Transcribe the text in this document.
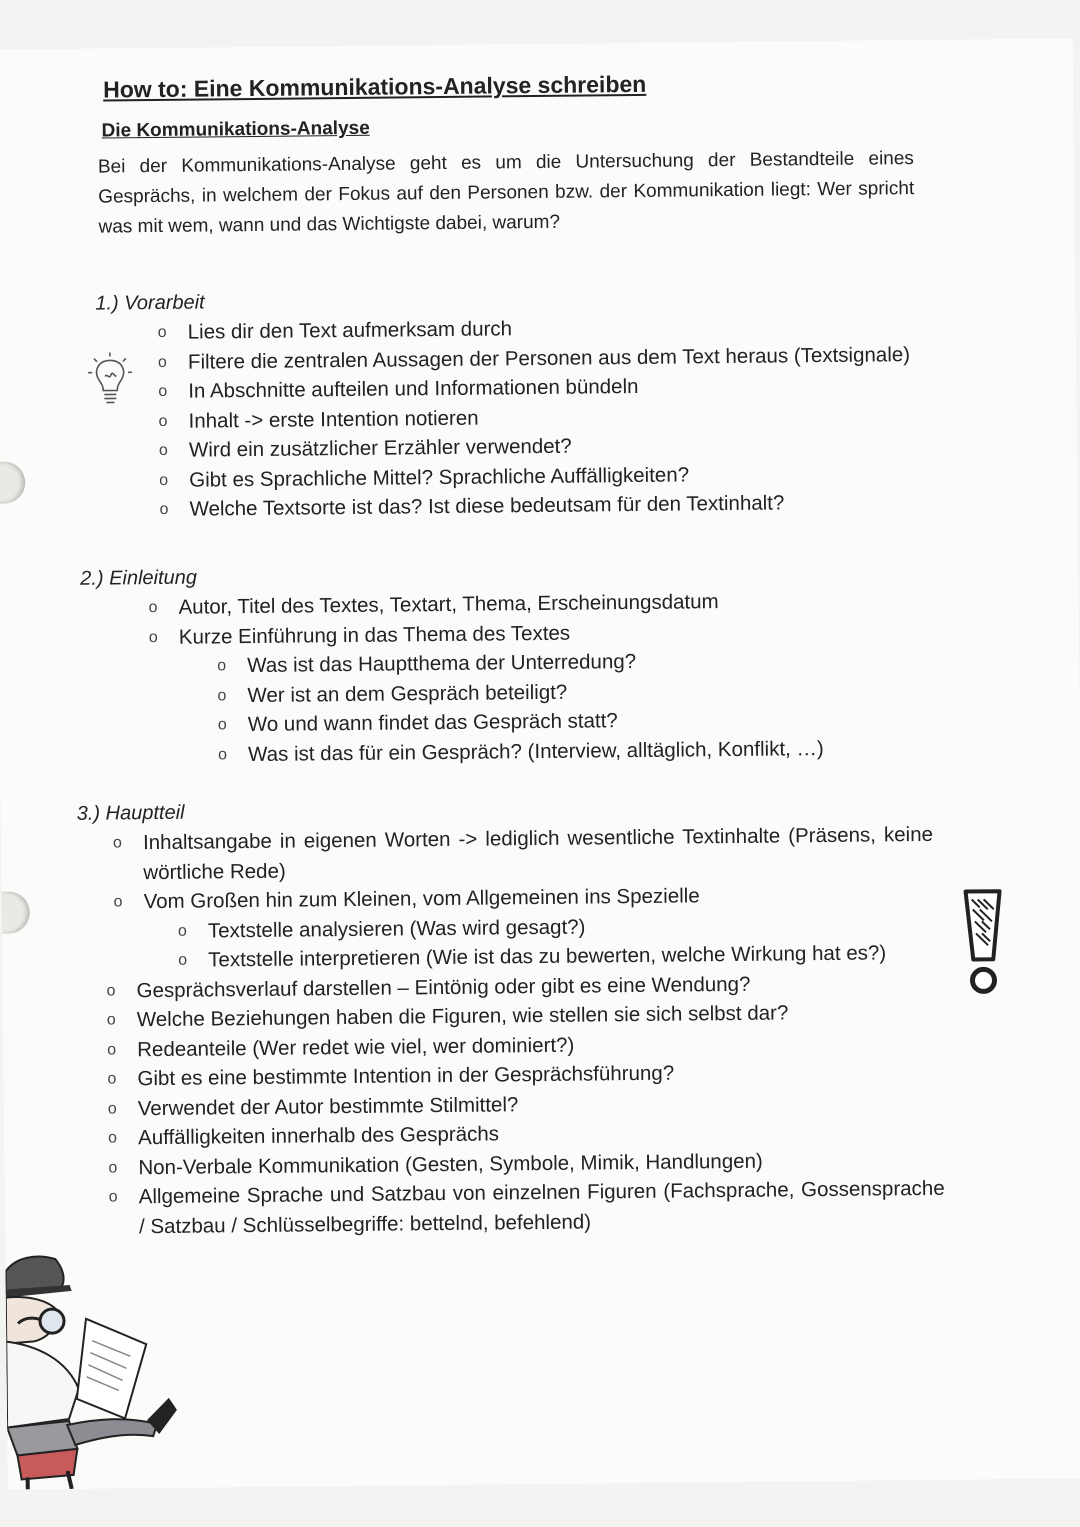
How to: Eine Kommunikations-Analyse schreiben
Die Kommunikations-Analyse
Bei der Kommunikations-Analyse geht es um die Untersuchung der Bestandteile eines Gesprächs, in welchem der Fokus auf den Personen bzw. der Kommunikation liegt: Wer spricht was mit wem, wann und das Wichtigste dabei, warum?
1.) Vorarbeit
o Lies dir den Text aufmerksam durch
o Filtere die zentralen Aussagen der Personen aus dem Text heraus (Textsignale)
o In Abschnitte aufteilen und Informationen bündeln
o Inhalt -> erste Intention notieren
o Wird ein zusätzlicher Erzähler verwendet?
o Gibt es Sprachliche Mittel? Sprachliche Auffälligkeiten?
o Welche Textsorte ist das? Ist diese bedeutsam für den Textinhalt?
2.) Einleitung
o Autor, Titel des Textes, Textart, Thema, Erscheinungsdatum
o Kurze Einführung in das Thema des Textes
o Was ist das Hauptthema der Unterredung?
o Wer ist an dem Gespräch beteiligt?
o Wo und wann findet das Gespräch statt?
o Was ist das für ein Gespräch? (Interview, alltäglich, Konflikt, …)
3.) Hauptteil
o Inhaltsangabe in eigenen Worten -> lediglich wesentliche Textinhalte (Präsens, keine wörtliche Rede)
o Vom Großen hin zum Kleinen, vom Allgemeinen ins Spezielle
o Textstelle analysieren (Was wird gesagt?)
o Textstelle interpretieren (Wie ist das zu bewerten, welche Wirkung hat es?)
o Gesprächsverlauf darstellen – Eintönig oder gibt es eine Wendung?
o Welche Beziehungen haben die Figuren, wie stellen sie sich selbst dar?
o Redeanteile (Wer redet wie viel, wer dominiert?)
o Gibt es eine bestimmte Intention in der Gesprächsführung?
o Verwendet der Autor bestimmte Stilmittel?
o Auffälligkeiten innerhalb des Gesprächs
o Non-Verbale Kommunikation (Gesten, Symbole, Mimik, Handlungen)
o Allgemeine Sprache und Satzbau von einzelnen Figuren (Fachsprache, Gossensprache / Satzbau / Schlüsselbegriffe: bettelnd, befehlend)
